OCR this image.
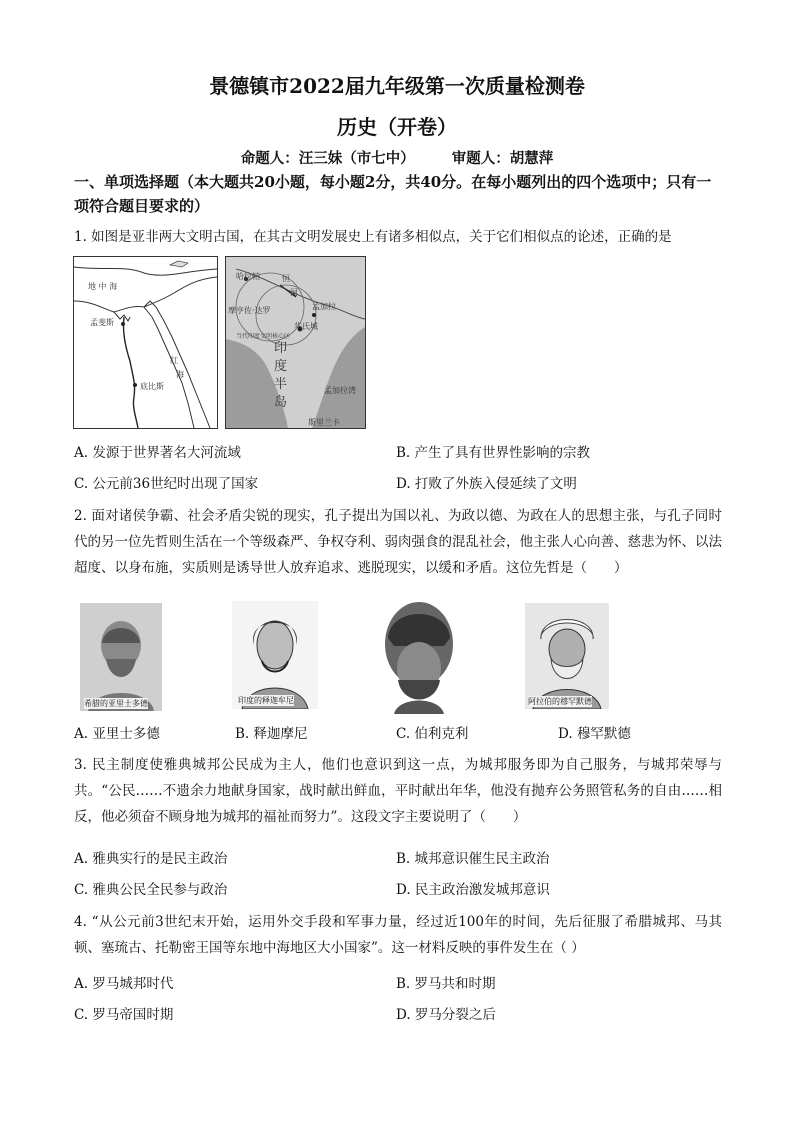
景德镇市2022届九年级第一次质量检测卷
历史（开卷）
命题人：汪三妹（市七中）	审题人：胡慧萍
一、单项选择题（本大题共20小题，每小题2分，共40分。在每小题列出的四个选项中；只有一项符合题目要求的）
1. 如图是亚非两大文明古国，在其古文明发展史上有诸多相似点，关于它们相似点的论述，正确的是
地 中 海
孟斐斯
红
海
底比斯
哈拉帕	恒
河
孟加拉
华氏城
印
度
半
岛
摩亨佐·达罗
当代印度文明核心区
孟加拉湾
斯里兰卡
A. 发源于世界著名大河流域	B. 产生了具有世界性影响的宗教
C. 公元前36世纪时出现了国家	D. 打败了外族入侵延续了文明
2. 面对诸侯争霸、社会矛盾尖锐的现实，孔子提出为国以礼、为政以德、为政在人的思想主张，与孔子同时代的另一位先哲则生活在一个等级森严、争权夺利、弱肉强食的混乱社会，他主张人心向善、慈悲为怀、以法超度、以身布施，实质则是诱导世人放弃追求、逃脱现实，以缓和矛盾。这位先哲是（　　）
希腊的亚里士多德	印度的释迦牟尼	阿拉伯的穆罕默德
A. 亚里士多德	B. 释迦摩尼	C. 伯利克利	D. 穆罕默德
3. 民主制度使雅典城邦公民成为主人，他们也意识到这一点，为城邦服务即为自己服务，与城邦荣辱与共。“公民……不遗余力地献身国家，战时献出鲜血，平时献出年华，他没有抛弃公务照管私务的自由……相反，他必须奋不顾身地为城邦的福祉而努力”。这段文字主要说明了（　　）
A. 雅典实行的是民主政治	B. 城邦意识催生民主政治
C. 雅典公民全民参与政治	D. 民主政治激发城邦意识
4. “从公元前3世纪末开始，运用外交手段和军事力量，经过近100年的时间，先后征服了希腊城邦、马其顿、塞琉古、托勒密王国等东地中海地区大小国家”。这一材料反映的事件发生在（ ）
A. 罗马城邦时代	B. 罗马共和时期
C. 罗马帝国时期	D. 罗马分裂之后
